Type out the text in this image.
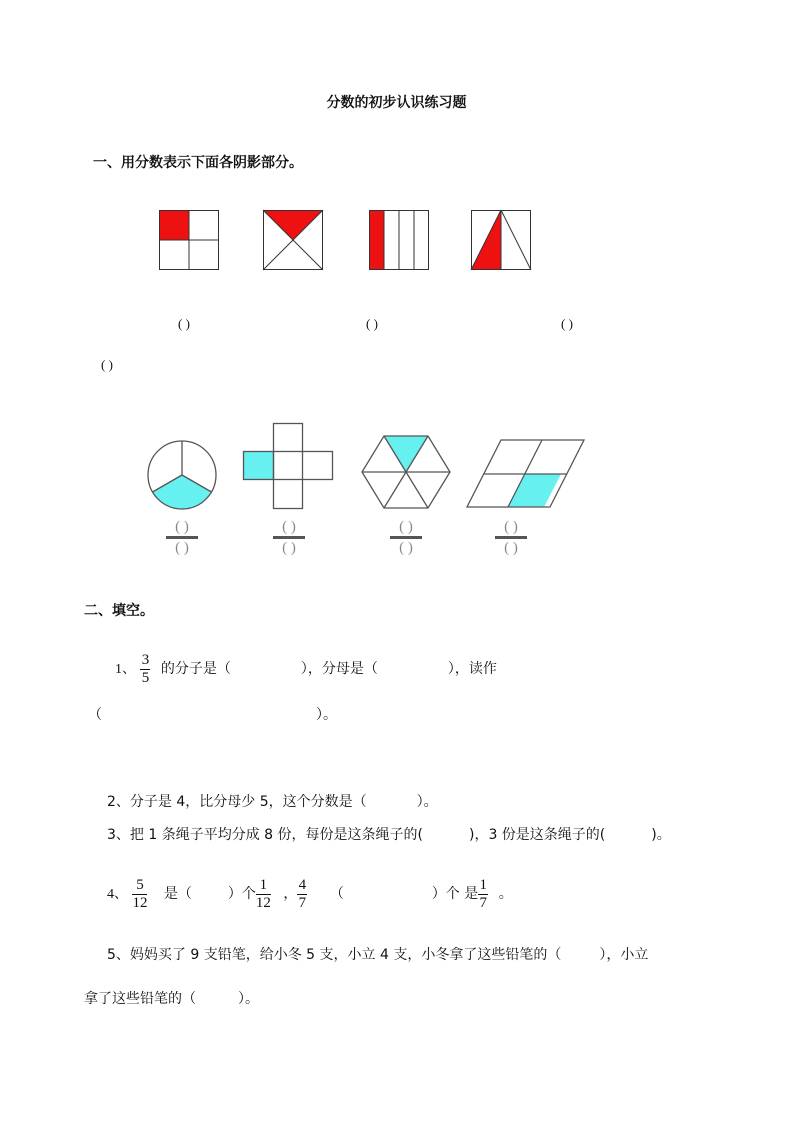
分数的初步认识练习题
一、用分数表示下面各阴影部分。
( )	( )	( )
( )
( )
( )
( )
( )
( )
( )
( )
( )
二、填空。
1、 $\frac{3}{5}$ 的分子是（	），分母是（	），读作
（	）。
2、分子是 4，比分母少 5，这个分数是（	）。
3、把 1 条绳子平均分成 8 份，每份是这条绳子的(	)，3 份是这条绳子的(	)。
4、 $\frac{5}{12}$ 是（	）个 $\frac{1}{12}$ ， $\frac{4}{7}$ （	）个 是 $\frac{1}{7}$ 。
5、妈妈买了 9 支铅笔，给小冬 5 支，小立 4 支，小冬拿了这些铅笔的（	），小立
拿了这些铅笔的（	）。
